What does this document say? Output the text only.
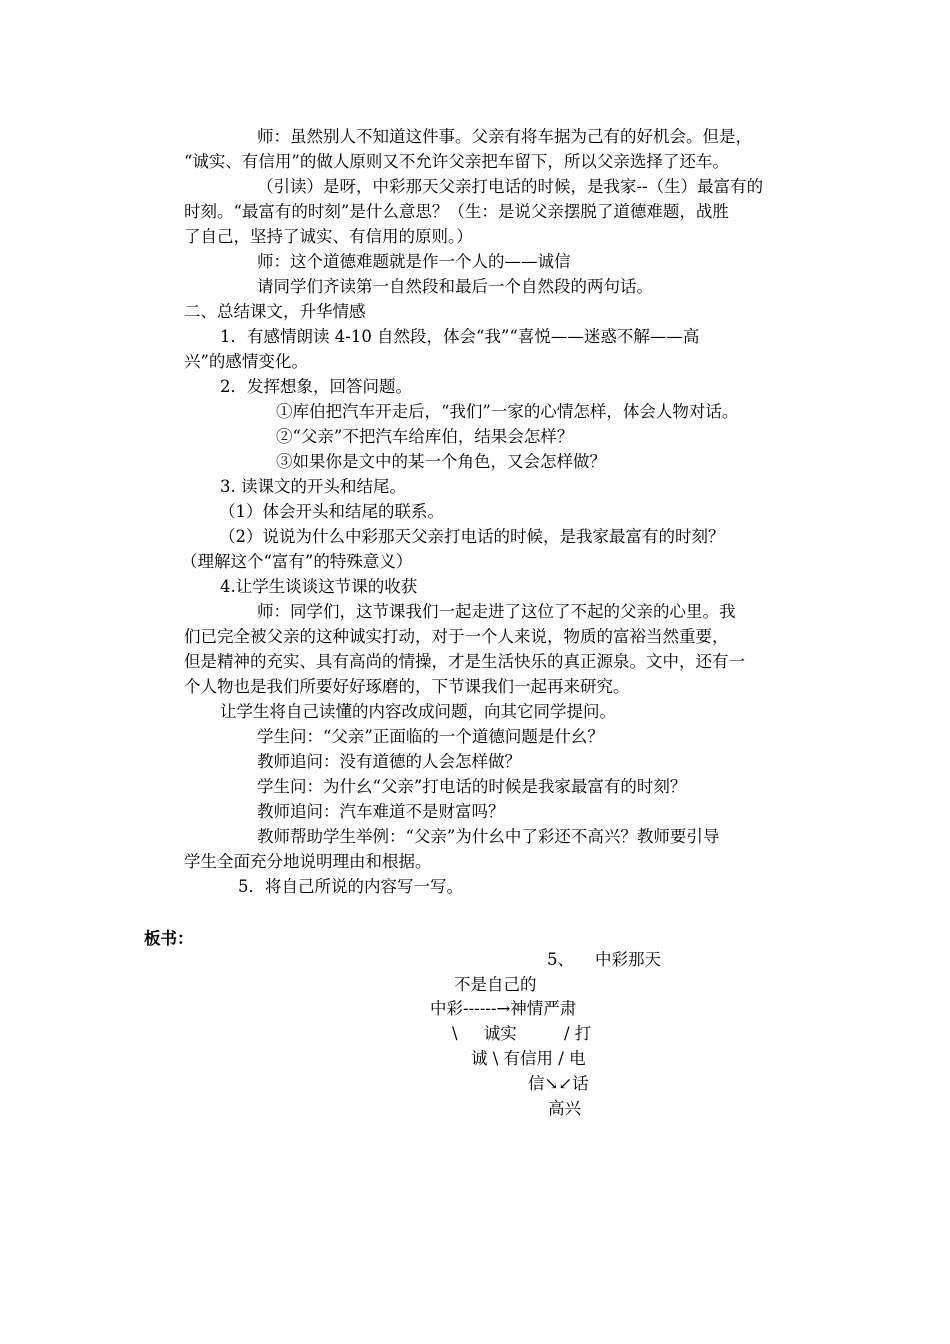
师：虽然别人不知道这件事。父亲有将车据为己有的好机会。但是，
“诚实、有信用”的做人原则又不允许父亲把车留下，所以父亲选择了还车。
（引读）是呀，中彩那天父亲打电话的时候，是我家--（生）最富有的
时刻。“最富有的时刻”是什么意思？（生：是说父亲摆脱了道德难题，战胜
了自己，坚持了诚实、有信用的原则。）
师：这个道德难题就是作一个人的——诚信
请同学们齐读第一自然段和最后一个自然段的两句话。
二、总结课文，升华情感
1．有感情朗读 4-10 自然段，体会“我”“喜悦——迷惑不解——高
兴”的感情变化。
2．发挥想象，回答问题。
①库伯把汽车开走后，“我们”一家的心情怎样，体会人物对话。
②“父亲”不把汽车给库伯，结果会怎样？
③如果你是文中的某一个角色，又会怎样做？
3. 读课文的开头和结尾。
（1）体会开头和结尾的联系。
（2）说说为什么中彩那天父亲打电话的时候，是我家最富有的时刻？
（理解这个“富有”的特殊意义）
4.让学生谈谈这节课的收获
师：同学们，这节课我们一起走进了这位了不起的父亲的心里。我
们已完全被父亲的这种诚实打动，对于一个人来说，物质的富裕当然重要，
但是精神的充实、具有高尚的情操，才是生活快乐的真正源泉。文中，还有一
个人物也是我们所要好好琢磨的，下节课我们一起再来研究。
让学生将自己读懂的内容改成问题，向其它同学提问。
学生问：“父亲”正面临的一个道德问题是什幺？
教师追问：没有道德的人会怎样做？
学生问：为什幺“父亲”打电话的时候是我家最富有的时刻？
教师追问：汽车难道不是财富吗？
教师帮助学生举例：“父亲”为什幺中了彩还不高兴？教师要引导
学生全面充分地说明理由和根据。
5．将自己所说的内容写一写。
板书：
5、    中彩那天
不是自己的
中彩------→神情严肃
\     诚实         / 打
诚 \ 有信用 / 电
信↘↙话
高兴
